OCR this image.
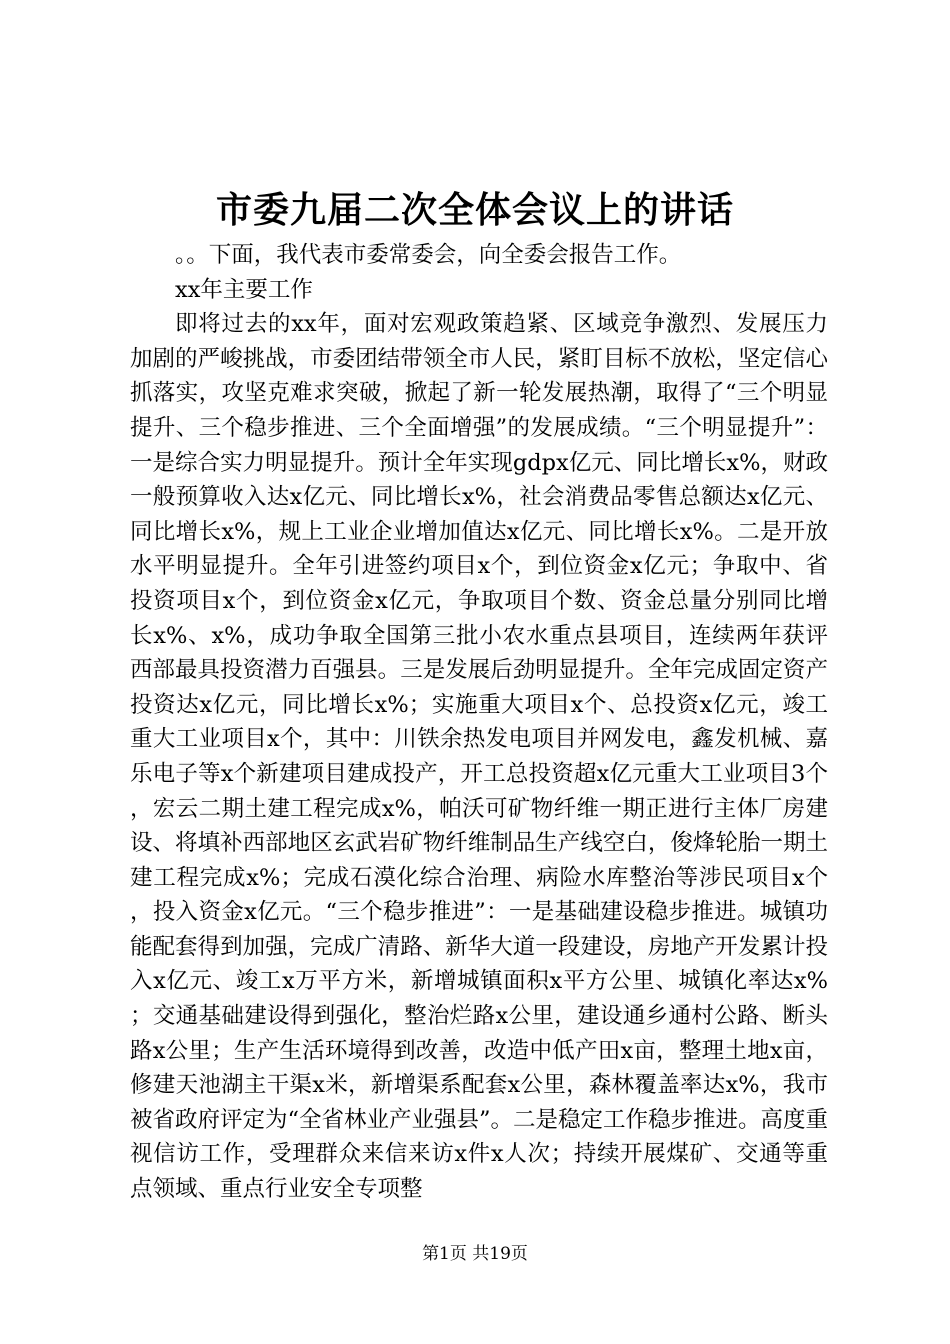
市委九届二次全体会议上的讲话

。。下面，我代表市委常委会，向全委会报告工作。

xx年主要工作

即将过去的xx年，面对宏观政策趋紧、区域竞争激烈、发展压力加剧的严峻挑战，市委团结带领全市人民，紧盯目标不放松，坚定信心抓落实，攻坚克难求突破，掀起了新一轮发展热潮，取得了“三个明显提升、三个稳步推进、三个全面增强”的发展成绩。“三个明显提升”：一是综合实力明显提升。预计全年实现gdpx亿元、同比增长x%，财政一般预算收入达x亿元、同比增长x%，社会消费品零售总额达x亿元、同比增长x%，规上工业企业增加值达x亿元、同比增长x%。二是开放水平明显提升。全年引进签约项目x个，到位资金x亿元；争取中、省投资项目x个，到位资金x亿元，争取项目个数、资金总量分别同比增长x%、x%，成功争取全国第三批小农水重点县项目，连续两年获评西部最具投资潜力百强县。三是发展后劲明显提升。全年完成固定资产投资达x亿元，同比增长x%；实施重大项目x个、总投资x亿元，竣工重大工业项目x个，其中：川铁余热发电项目并网发电，鑫发机械、嘉乐电子等x个新建项目建成投产，开工总投资超x亿元重大工业项目3个，宏云二期土建工程完成x%，帕沃可矿物纤维一期正进行主体厂房建设、将填补西部地区玄武岩矿物纤维制品生产线空白，俊烽轮胎一期土建工程完成x%；完成石漠化综合治理、病险水库整治等涉民项目x个，投入资金x亿元。“三个稳步推进”：一是基础建设稳步推进。城镇功能配套得到加强，完成广清路、新华大道一段建设，房地产开发累计投入x亿元、竣工x万平方米，新增城镇面积x平方公里、城镇化率达x%；交通基础建设得到强化，整治烂路x公里，建设通乡通村公路、断头路x公里；生产生活环境得到改善，改造中低产田x亩，整理土地x亩，修建天池湖主干渠x米，新增渠系配套x公里，森林覆盖率达x%，我市被省政府评定为“全省林业产业强县”。二是稳定工作稳步推进。高度重视信访工作，受理群众来信来访x件x人次；持续开展煤矿、交通等重点领域、重点行业安全专项整

第1页 共19页
